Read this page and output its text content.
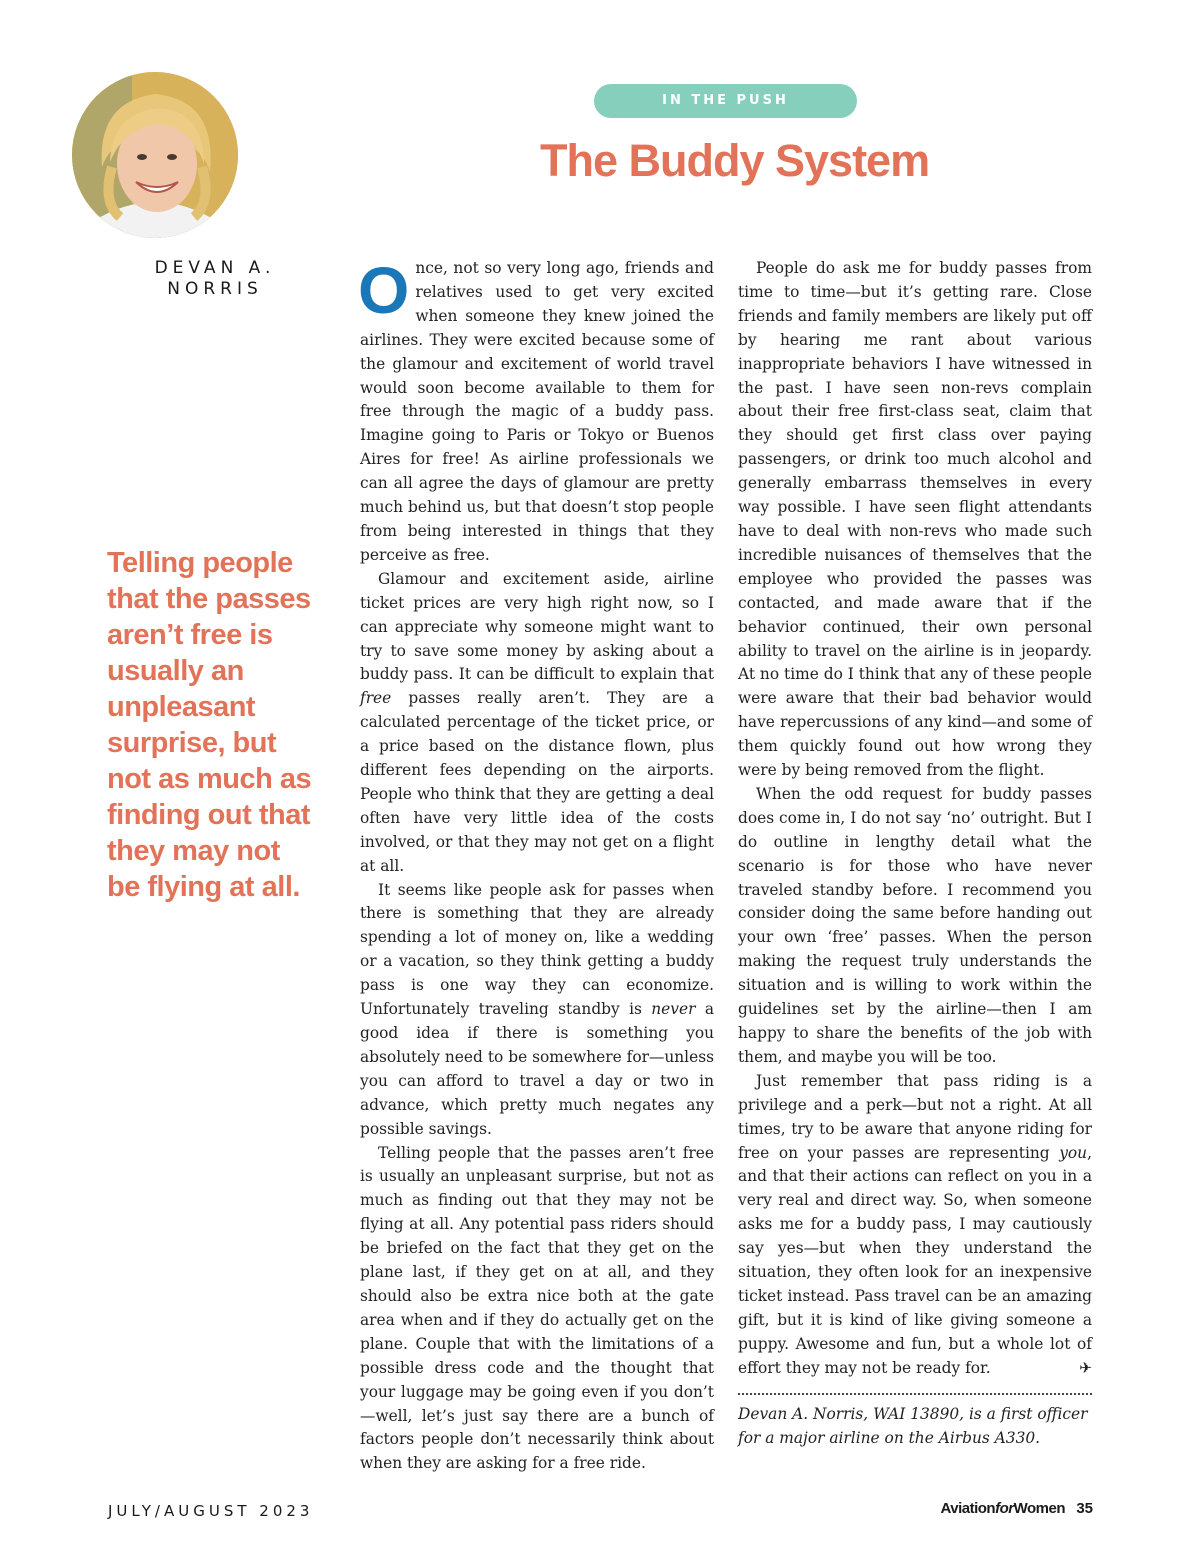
DEVAN A. NORRIS
IN THE PUSH
The Buddy System
Telling people that the passes aren’t free is usually an unpleasant surprise, but not as much as finding out that they may not be flying at all.

Once, not so very long ago, friends and relatives used to get very excited when someone they knew joined the airlines. They were excited because some of the glamour and excitement of world travel would soon become available to them for free through the magic of a buddy pass. Imagine going to Paris or Tokyo or Buenos Aires for free! As airline professionals we can all agree the days of glamour are pretty much behind us, but that doesn’t stop people from being interested in things that they perceive as free.

Glamour and excitement aside, airline ticket prices are very high right now, so I can appreciate why someone might want to try to save some money by asking about a buddy pass. It can be difficult to explain that free passes really aren’t. They are a calculated percentage of the ticket price, or a price based on the distance flown, plus different fees depending on the airports. People who think that they are getting a deal often have very little idea of the costs involved, or that they may not get on a flight at all.

It seems like people ask for passes when there is something that they are already spending a lot of money on, like a wedding or a vacation, so they think getting a buddy pass is one way they can economize. Unfortunately traveling standby is never a good idea if there is something you absolutely need to be somewhere for—unless you can afford to travel a day or two in advance, which pretty much negates any possible savings.

Telling people that the passes aren’t free is usually an unpleasant surprise, but not as much as finding out that they may not be flying at all. Any potential pass riders should be briefed on the fact that they get on the plane last, if they get on at all, and they should also be extra nice both at the gate area when and if they do actually get on the plane. Couple that with the limitations of a possible dress code and the thought that your luggage may be going even if you don’t—well, let’s just say there are a bunch of factors people don’t necessarily think about when they are asking for a free ride.

People do ask me for buddy passes from time to time—but it’s getting rare. Close friends and family members are likely put off by hearing me rant about various inappropriate behaviors I have witnessed in the past. I have seen non-revs complain about their free first-class seat, claim that they should get first class over paying passengers, or drink too much alcohol and generally embarrass themselves in every way possible. I have seen flight attendants have to deal with non-revs who made such incredible nuisances of themselves that the employee who provided the passes was contacted, and made aware that if the behavior continued, their own personal ability to travel on the airline is in jeopardy. At no time do I think that any of these people were aware that their bad behavior would have repercussions of any kind—and some of them quickly found out how wrong they were by being removed from the flight.

When the odd request for buddy passes does come in, I do not say ‘no’ outright. But I do outline in lengthy detail what the scenario is for those who have never traveled standby before. I recommend you consider doing the same before handing out your own ‘free’ passes. When the person making the request truly understands the situation and is willing to work within the guidelines set by the airline—then I am happy to share the benefits of the job with them, and maybe you will be too.

Just remember that pass riding is a privilege and a perk—but not a right. At all times, try to be aware that anyone riding for free on your passes are representing you, and that their actions can reflect on you in a very real and direct way. So, when someone asks me for a buddy pass, I may cautiously say yes—but when they understand the situation, they often look for an inexpensive ticket instead. Pass travel can be an amazing gift, but it is kind of like giving someone a puppy. Awesome and fun, but a whole lot of effort they may not be ready for.	✈

Devan A. Norris, WAI 13890, is a first officer for a major airline on the Airbus A330.

JULY/AUGUST 2023	AviationforWomen 35
